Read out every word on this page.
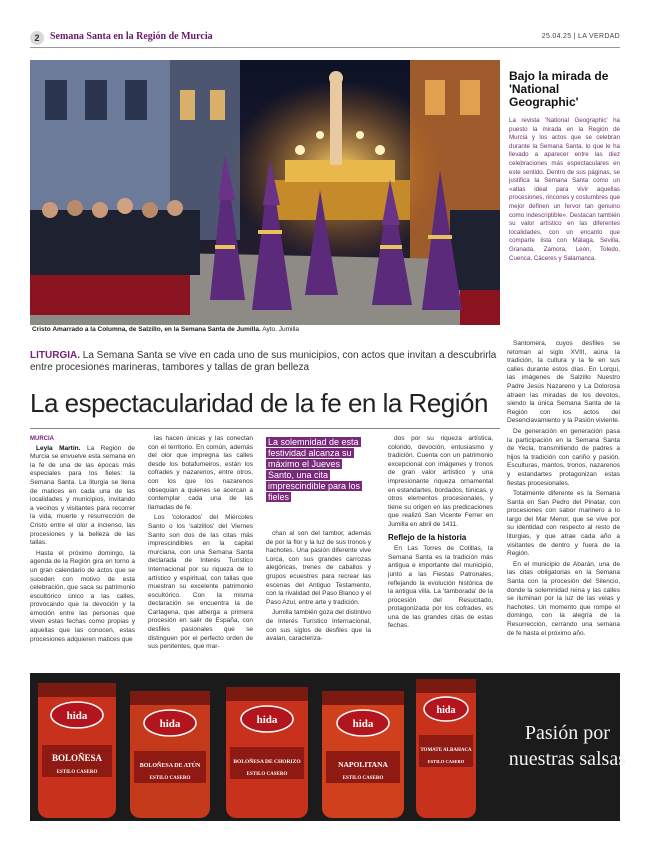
2	Semana Santa en la Región de Murcia	25.04.25 | LA VERDAD
Cristo Amarrado a la Columna, de Salzillo, en la Semana Santa de Jumilla. Ayto. Jumilla
Bajo la mirada de 'National Geographic'
La revista 'National Geographic' ha puesto la mirada en la Región de Murcia y los actos que se celebran durante la Semana Santa, lo que le ha llevado a aparecer entre las diez celebraciones más espectaculares en este sentido. Dentro de sus páginas, se justifica la Semana Santa como un «atlas ideal para vivir aquellas procesiones, rincones y costumbres que mejor definen un fervor tan genuino como indescriptible». Destacan también su valor artístico en las diferentes localidades, con un encanto que comparte lista con Málaga, Sevilla, Granada, Zamora, León, Toledo, Cuenca, Cáceres y Salamanca.
LITURGIA. La Semana Santa se vive en cada uno de sus municipios, con actos que invitan a descubrirla entre procesiones marineras, tambores y tallas de gran belleza
La espectacularidad de la fe en la Región
MURCIA

Leyla Martín. La Región de Murcia se envuelve esta semana en la fe de una de las épocas más especiales para los fieles: la Semana Santa. La liturgia se llena de matices en cada una de las localidades y municipios, invitando a vecinos y visitantes para recorrer la vida, muerte y resurrección de Cristo entre el olor a incienso, las procesiones y la belleza de las tallas.

Hasta el próximo domingo, la agenda de la Región gira en torno a un gran calendario de actos que se suceden con motivo de esta celebración, que saca su patrimonio escultórico único a las calles, provocando que la devoción y la emoción entre las personas que viven estas fechas como propias y aquellas que las conocen, estas procesiones adquieren matices que

las hacen únicas y las conectan con el territorio. En común, además del olor que impregna las calles desde los botafumeiros, están los cofrades y nazarenos, entre otros, con los que los nazarenos obsequian a quienes se acercan a contemplar cada una de las llamadas de fe.

Los 'colorados' del Miércoles Santo o los 'salzillos' del Viernes Santo son dos de las citas más imprescindibles en la capital murciana, con una Semana Santa declarada de Interés Turístico Internacional por su riqueza de lo artístico y espiritual, con tallas que muestran su excelente patrimonio escultórico. Con la misma declaración se encuentra la de Cartagena, que alberga a primera procesión en salir de España, con desfiles pasionales que se distinguen por el perfecto orden de sus penitentes, que mar-

La solemnidad de esta festividad alcanza su máximo el Jueves Santo, una cita imprescindible para los fieles

chan al son del tambor, además de por la flor y la luz de sus tronos y hachotes. Una pasión diferente vive Lorca, con sus grandes carrozas alegóricas, trenes de caballos y grupos ecuestres para recrear las escenas del Antiguo Testamento, con la rivalidad del Paso Blanco y el Paso Azul, entre arte y tradición.

Jumilla también goza del distintivo de Interés Turístico Internacional, con sus siglos de desfiles que la avalan, caracteriza-

dos por su riqueza artística, colorido, devoción, entusiasmo y tradición. Cuenta con un patrimonio excepcional con imágenes y tronos de gran valor artístico y una impresionante riqueza ornamental en estandartes, bordados, túnicas, y otros elementos procesionales, y tiene su origen en las predicaciones que realizó San Vicente Ferrer en Jumilla en abril de 1411.

Reflejo de la historia

En Las Torres de Cotillas, la Semana Santa es la tradición más antigua e importante del municipio, junto a las Fiestas Patronales, reflejando la evolución histórica de la antigua villa. La 'tamborada' de la procesión del Resucitado, protagonizada por los cofrades, es una de las grandes citas de estas fechas.

Santomera, cuyos desfiles se retoman al siglo XVIII, aúna la tradición, la cultura y la fe en sus calles durante estos días. En Lorquí, las imágenes de Salzillo Nuestro Padre Jesús Nazareno y La Dolorosa atraen las miradas de los devotos, siendo la única Semana Santa de la Región con los actos del Desenclavamiento y la Pasión viviente.

De generación en generación pasa la participación en la Semana Santa de Yecla, transmitiendo de padres a hijos la tradición con cariño y pasión. Esculturas, mantos, tronos, nazarenos y estandartes protagonizan estas fiestas procesionales.

Totalmente diferente es la Semana Santa en San Pedro del Pinatar, con procesiones con sabor marinero a lo largo del Mar Menor, que se vive por su identidad con respecto al resto de liturgias, y que atrae cada año a visitantes de dentro y fuera de la Región.

En el municipio de Abarán, una de las citas obligatorias en la Semana Santa con la procesión del Silencio, donde la solemnidad reina y las calles se iluminan por la luz de las velas y hachotes. Un momento que rompe el domingo, con la alegría de la Resurrección, cerrando una semana de fe hasta el próximo año.

hida
hida	hida	hida
hida
BOLOÑESA
BOLOÑESA DE ATÚN
BOLOÑESA DE CHORIZO	NAPOLITANA
TOMATE ALBAHACA
ESTILO CASERO
ESTILO CASERO
ESTILO CASERO
ESTILO CASERO
ESTILO CASERO
Pasión por
nuestras salsas
